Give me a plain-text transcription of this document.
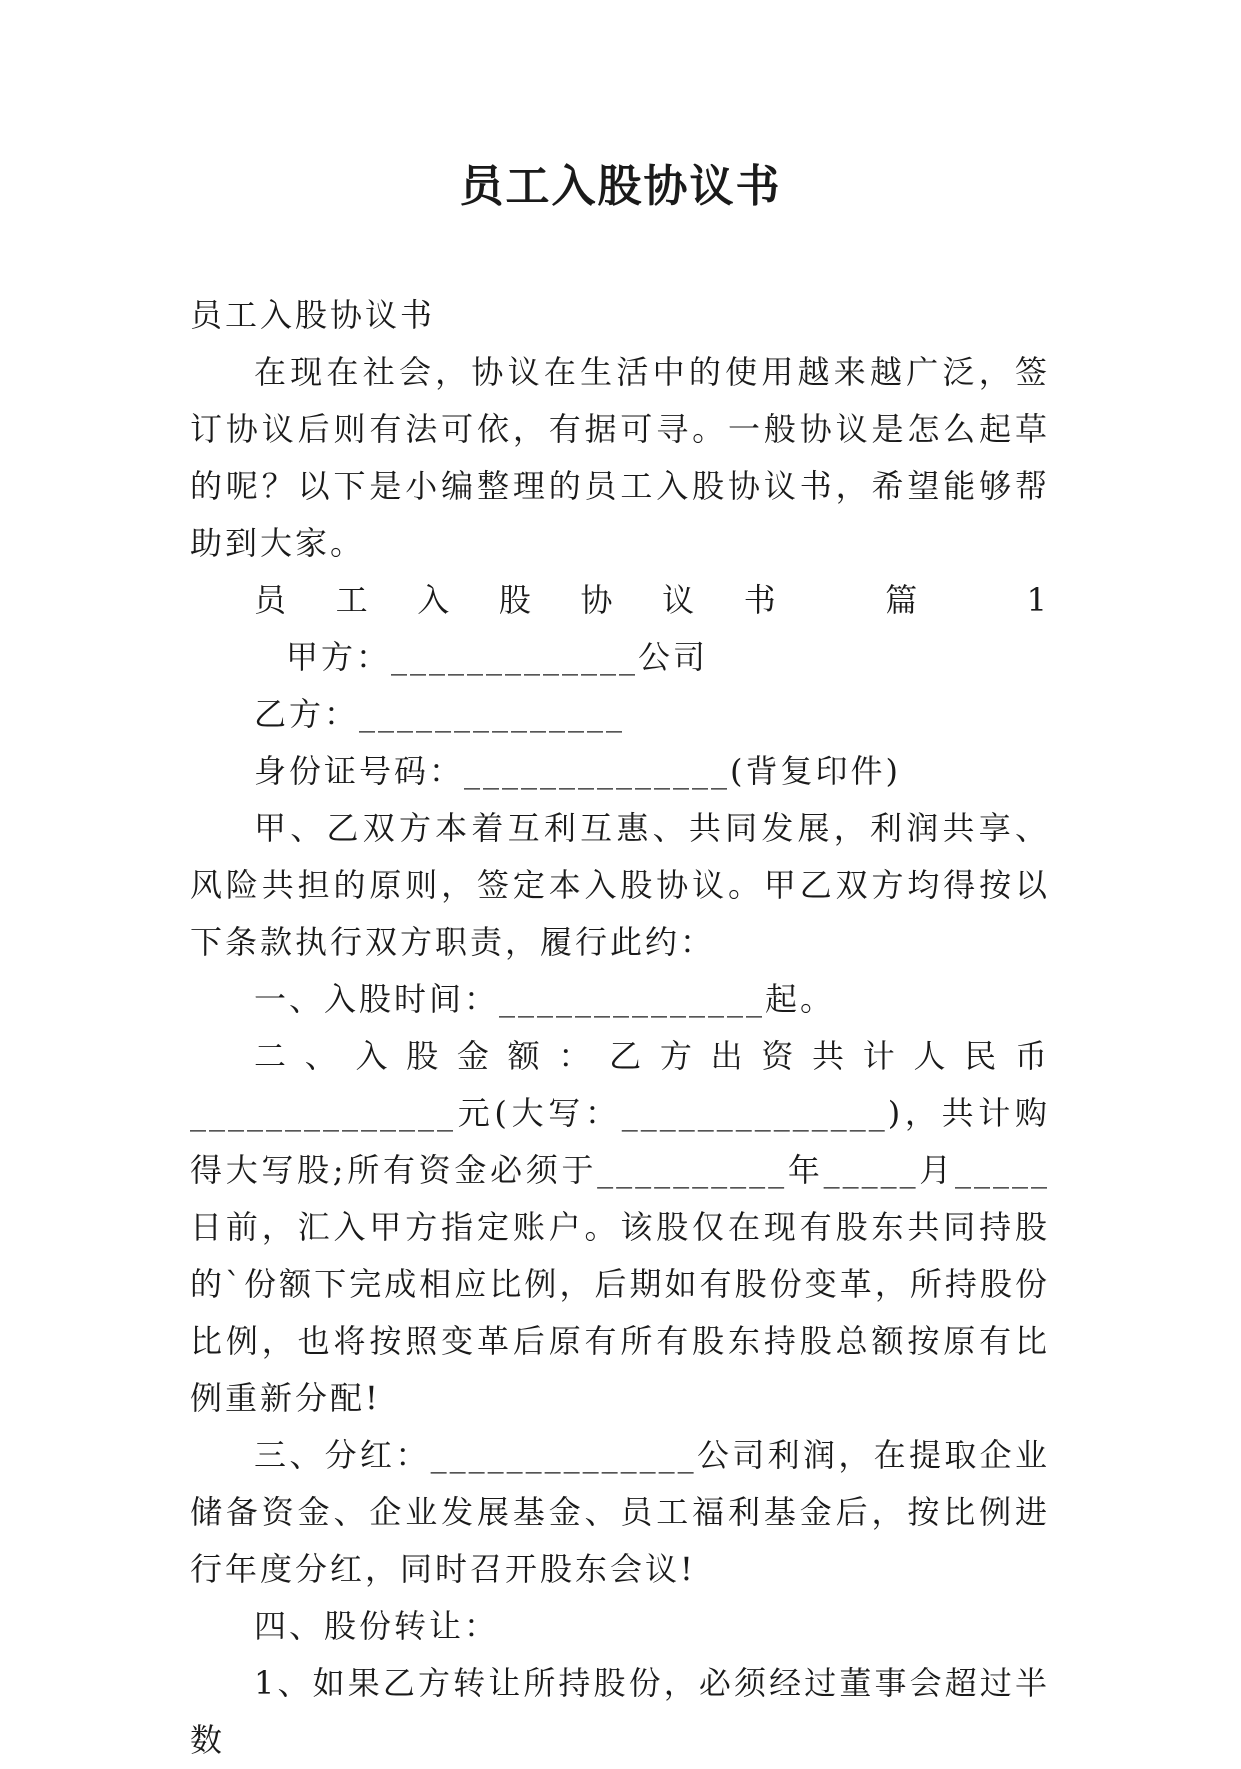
员工入股协议书

员工入股协议书

在现在社会，协议在生活中的使用越来越广泛，签订协议后则有法可依，有据可寻。一般协议是怎么起草的呢？以下是小编整理的员工入股协议书，希望能够帮助到大家。

员工入股协议书 篇 1甲方：_____________公司

乙方：______________

身份证号码：______________(背复印件)

甲、乙双方本着互利互惠、共同发展，利润共享、风险共担的原则，签定本入股协议。甲乙双方均得按以下条款执行双方职责，履行此约：

一、入股时间：______________起。

二、入股金额：乙方出资共计人民币______________元(大写：______________)，共计购得大写股;所有资金必须于__________年_____月_____日前，汇入甲方指定账户。该股仅在现有股东共同持股的`份额下完成相应比例，后期如有股份变革，所持股份比例，也将按照变革后原有所有股东持股总额按原有比例重新分配!

三、分红：______________公司利润，在提取企业储备资金、企业发展基金、员工福利基金后，按比例进行年度分红，同时召开股东会议!

四、股份转让：

1、如果乙方转让所持股份，必须经过董事会超过半数
